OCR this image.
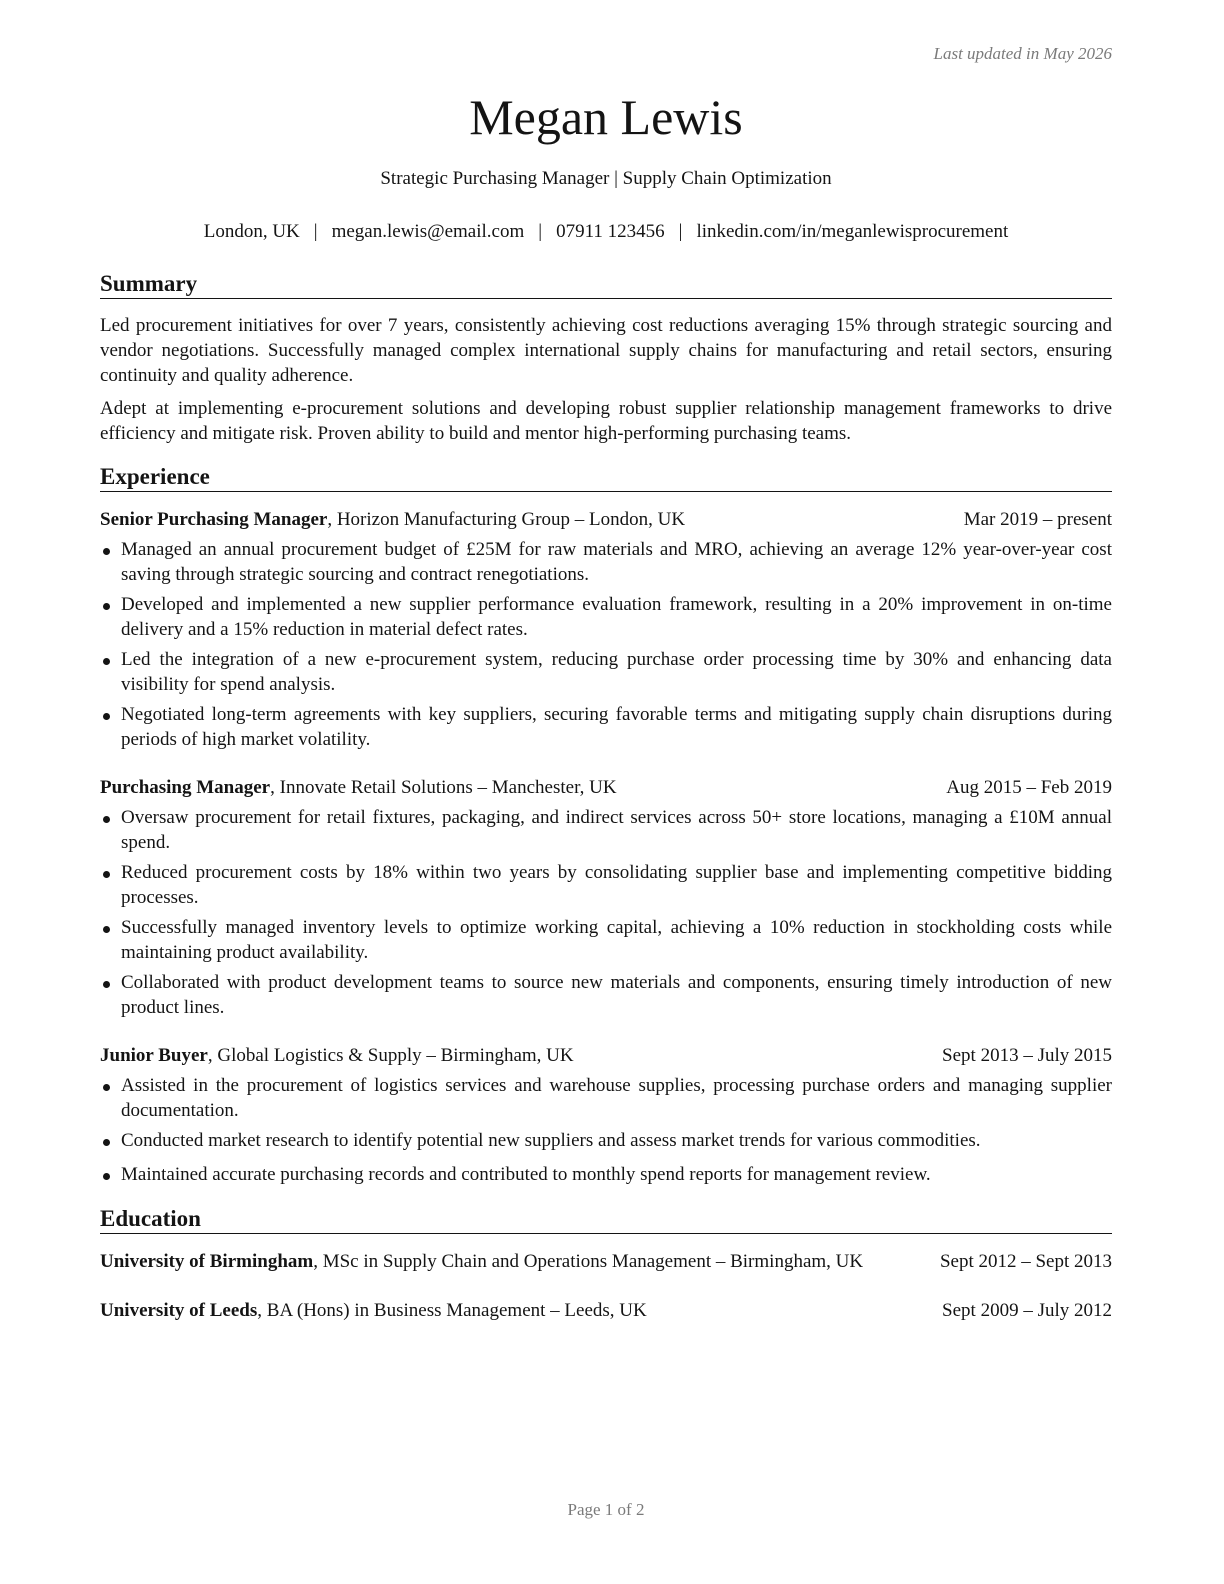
Last updated in May 2026
Megan Lewis
Strategic Purchasing Manager | Supply Chain Optimization
London, UK | megan.lewis@email.com | 07911 123456 | linkedin.com/in/meganlewisprocurement
Summary

Led procurement initiatives for over 7 years, consistently achieving cost reductions averaging 15% through strategic sourcing and vendor negotiations. Successfully managed complex international supply chains for manufacturing and retail sectors, ensuring continuity and quality adherence.

Adept at implementing e-procurement solutions and developing robust supplier relationship management frameworks to drive efficiency and mitigate risk. Proven ability to build and mentor high-performing purchasing teams.

Experience
Senior Purchasing Manager, Horizon Manufacturing Group – London, UK	Mar 2019 – present
Managed an annual procurement budget of £25M for raw materials and MRO, achieving an average 12% year-over-year cost saving through strategic sourcing and contract renegotiations.
Developed and implemented a new supplier performance evaluation framework, resulting in a 20% improvement in on-time delivery and a 15% reduction in material defect rates.
Led the integration of a new e-procurement system, reducing purchase order processing time by 30% and enhancing data visibility for spend analysis.
Negotiated long-term agreements with key suppliers, securing favorable terms and mitigating supply chain disruptions during periods of high market volatility.
Purchasing Manager, Innovate Retail Solutions – Manchester, UK	Aug 2015 – Feb 2019
Oversaw procurement for retail fixtures, packaging, and indirect services across 50+ store locations, managing a £10M annual spend.
Reduced procurement costs by 18% within two years by consolidating supplier base and implementing competitive bidding processes.
Successfully managed inventory levels to optimize working capital, achieving a 10% reduction in stockholding costs while maintaining product availability.
Collaborated with product development teams to source new materials and components, ensuring timely introduction of new product lines.
Junior Buyer, Global Logistics & Supply – Birmingham, UK	Sept 2013 – July 2015
Assisted in the procurement of logistics services and warehouse supplies, processing purchase orders and managing supplier documentation.
Conducted market research to identify potential new suppliers and assess market trends for various commodities.
Maintained accurate purchasing records and contributed to monthly spend reports for management review.
Education
University of Birmingham, MSc in Supply Chain and Operations Management – Birmingham, UK	Sept 2012 – Sept 2013
University of Leeds, BA (Hons) in Business Management – Leeds, UK	Sept 2009 – July 2012
Page 1 of 2
